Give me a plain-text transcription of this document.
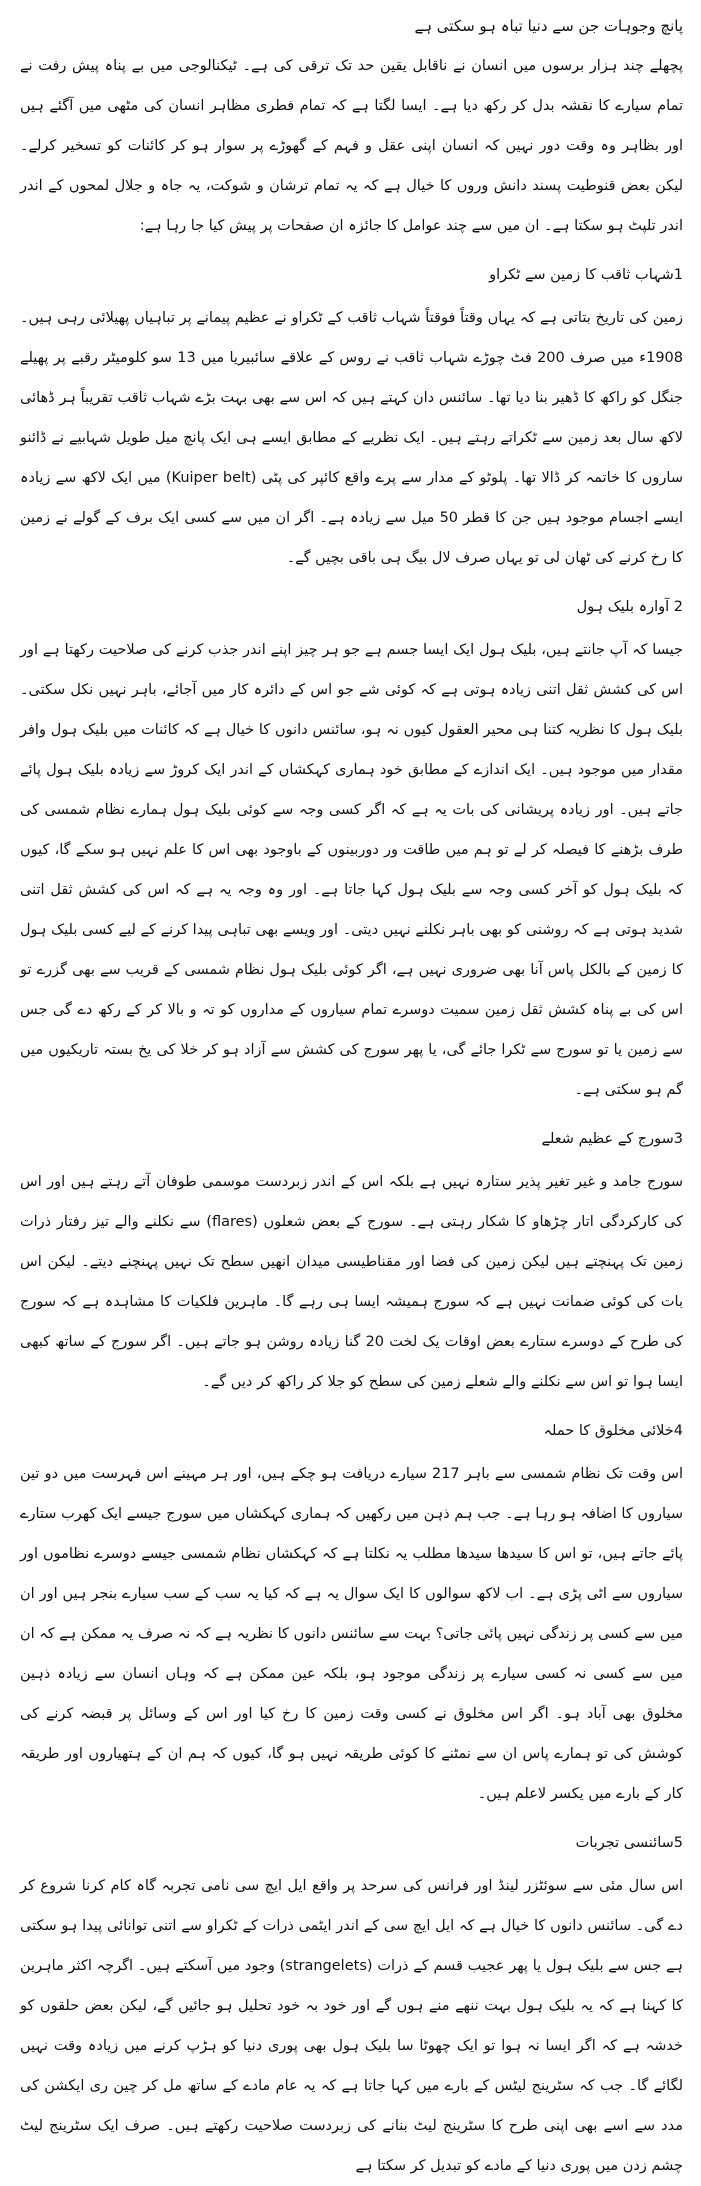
پانچ وجوہات جن سے دنیا تباہ ہو سکتی ہے

پچھلے چند ہزار برسوں میں انسان نے ناقابل یقین حد تک ترقی کی ہے۔ ٹیکنالوجی میں بے پناہ پیش رفت نے تمام سیارے کا نقشہ بدل کر رکھ دیا ہے۔ ایسا لگتا ہے کہ تمام فطری مظاہر انسان کی مٹھی میں آگئے ہیں اور بظاہر وہ وقت دور نہیں کہ انسان اپنی عقل و فہم کے گھوڑے پر سوار ہو کر کائنات کو تسخیر کرلے۔ لیکن بعض قنوطیت پسند دانش وروں کا خیال ہے کہ یہ تمام ترشان و شوکت، یہ جاہ و جلال لمحوں کے اندر اندر تلپٹ ہو سکتا ہے۔ ان میں سے چند عوامل کا جائزہ ان صفحات پر پیش کیا جا رہا ہے:

1شہاب ثاقب کا زمین سے ٹکراو

زمین کی تاریخ بتاتی ہے کہ یہاں وقتاً فوقتاً شہاب ثاقب کے ٹکراو نے عظیم پیمانے پر تباہیاں پھیلائی رہی ہیں۔ 1908ء میں صرف 200 فٹ چوڑے شہاب ثاقب نے روس کے علاقے سائبیریا میں 13 سو کلومیٹر رقبے پر پھیلے جنگل کو راکھ کا ڈھیر بنا دیا تھا۔ سائنس دان کہتے ہیں کہ اس سے بھی بہت بڑے شہاب ثاقب تقریباً ہر ڈھائی لاکھ سال بعد زمین سے ٹکراتے رہتے ہیں۔ ایک نظریے کے مطابق ایسے ہی ایک پانچ میل طویل شہابیے نے ڈائنو ساروں کا خاتمہ کر ڈالا تھا۔ پلوٹو کے مدار سے پرے واقع کائپر کی پٹی (Kuiper belt) میں ایک لاکھ سے زیادہ ایسے اجسام موجود ہیں جن کا قطر 50 میل سے زیادہ ہے۔ اگر ان میں سے کسی ایک برف کے گولے نے زمین کا رخ کرنے کی ٹھان لی تو یہاں صرف لال بیگ ہی باقی بچیں گے۔

2 آوارہ بلیک ہول

جیسا کہ آپ جانتے ہیں، بلیک ہول ایک ایسا جسم ہے جو ہر چیز اپنے اندر جذب کرنے کی صلاحیت رکھتا ہے اور اس کی کشش ثقل اتنی زیادہ ہوتی ہے کہ کوئی شے جو اس کے دائرہ کار میں آجائے، باہر نہیں نکل سکتی۔ بلیک ہول کا نظریہ کتنا ہی محیر العقول کیوں نہ ہو، سائنس دانوں کا خیال ہے کہ کائنات میں بلیک ہول وافر مقدار میں موجود ہیں۔ ایک اندازے کے مطابق خود ہماری کہکشاں کے اندر ایک کروڑ سے زیادہ بلیک ہول پائے جاتے ہیں۔ اور زیادہ پریشانی کی بات یہ ہے کہ اگر کسی وجہ سے کوئی بلیک ہول ہمارے نظام شمسی کی طرف بڑھنے کا فیصلہ کر لے تو ہم میں طاقت ور دوربینوں کے باوجود بھی اس کا علم نہیں ہو سکے گا، کیوں کہ بلیک ہول کو آخر کسی وجہ سے بلیک ہول کہا جاتا ہے۔ اور وہ وجہ یہ ہے کہ اس کی کشش ثقل اتنی شدید ہوتی ہے کہ روشنی کو بھی باہر نکلنے نہیں دیتی۔ اور ویسے بھی تباہی پیدا کرنے کے لیے کسی بلیک ہول کا زمین کے بالکل پاس آنا بھی ضروری نہیں ہے، اگر کوئی بلیک ہول نظام شمسی کے قریب سے بھی گزرے تو اس کی بے پناہ کشش ثقل زمین سمیت دوسرے تمام سیاروں کے مداروں کو تہ و بالا کر کے رکھ دے گی جس سے زمین یا تو سورج سے ٹکرا جائے گی، یا پھر سورج کی کشش سے آزاد ہو کر خلا کی یخ بستہ تاریکیوں میں گم ہو سکتی ہے۔

3سورج کے عظیم شعلے

سورج جامد و غیر تغیر پذیر ستارہ نہیں ہے بلکہ اس کے اندر زبردست موسمی طوفان آتے رہتے ہیں اور اس کی کارکردگی اتار چڑھاو کا شکار رہتی ہے۔ سورج کے بعض شعلوں (flares) سے نکلنے والے تیز رفتار ذرات زمین تک پہنچتے ہیں لیکن زمین کی فضا اور مقناطیسی میدان انھیں سطح تک نہیں پہنچنے دیتے۔ لیکن اس بات کی کوئی ضمانت نہیں ہے کہ سورج ہمیشہ ایسا ہی رہے گا۔ ماہرین فلکیات کا مشاہدہ ہے کہ سورج کی طرح کے دوسرے ستارے بعض اوقات یک لخت 20 گنا زیادہ روشن ہو جاتے ہیں۔ اگر سورج کے ساتھ کبھی ایسا ہوا تو اس سے نکلنے والے شعلے زمین کی سطح کو جلا کر راکھ کر دیں گے۔

4خلائی مخلوق کا حملہ

اس وقت تک نظام شمسی سے باہر 217 سیارے دریافت ہو چکے ہیں، اور ہر مہینے اس فہرست میں دو تین سیاروں کا اضافہ ہو رہا ہے۔ جب ہم ذہن میں رکھیں کہ ہماری کہکشاں میں سورج جیسے ایک کھرب ستارے پائے جاتے ہیں، تو اس کا سیدھا سیدھا مطلب یہ نکلتا ہے کہ کہکشاں نظام شمسی جیسے دوسرے نظاموں اور سیاروں سے اٹی پڑی ہے۔ اب لاکھ سوالوں کا ایک سوال یہ ہے کہ کیا یہ سب کے سب سیارے بنجر ہیں اور ان میں سے کسی پر زندگی نہیں پائی جاتی؟ بہت سے سائنس دانوں کا نظریہ ہے کہ نہ صرف یہ ممکن ہے کہ ان میں سے کسی نہ کسی سیارے پر زندگی موجود ہو، بلکہ عین ممکن ہے کہ وہاں انسان سے زیادہ ذہین مخلوق بھی آباد ہو۔ اگر اس مخلوق نے کسی وقت زمین کا رخ کیا اور اس کے وسائل پر قبضہ کرنے کی کوشش کی تو ہمارے پاس ان سے نمٹنے کا کوئی طریقہ نہیں ہو گا، کیوں کہ ہم ان کے ہتھیاروں اور طریقہ کار کے بارے میں یکسر لاعلم ہیں۔

5سائنسی تجربات

اس سال مئی سے سوئٹزر لینڈ اور فرانس کی سرحد پر واقع ایل ایچ سی نامی تجربہ گاہ کام کرنا شروع کر دے گی۔ سائنس دانوں کا خیال ہے کہ ایل ایچ سی کے اندر ایٹمی ذرات کے ٹکراو سے اتنی توانائی پیدا ہو سکتی ہے جس سے بلیک ہول یا پھر عجیب قسم کے ذرات (strangelets) وجود میں آسکتے ہیں۔ اگرچہ اکثر ماہرین کا کہنا ہے کہ یہ بلیک ہول بہت ننھے منے ہوں گے اور خود بہ خود تحلیل ہو جائیں گے، لیکن بعض حلقوں کو خدشہ ہے کہ اگر ایسا نہ ہوا تو ایک چھوٹا سا بلیک ہول بھی پوری دنیا کو ہڑپ کرنے میں زیادہ وقت نہیں لگائے گا۔ جب کہ سٹرینج لیٹس کے بارے میں کہا جاتا ہے کہ یہ عام مادے کے ساتھ مل کر چین ری ایکشن کی مدد سے اسے بھی اپنی طرح کا سٹرینج لیٹ بنانے کی زبردست صلاحیت رکھتے ہیں۔ صرف ایک سٹرینج لیٹ چشم زدن میں پوری دنیا کے مادے کو تبدیل کر سکتا ہے
